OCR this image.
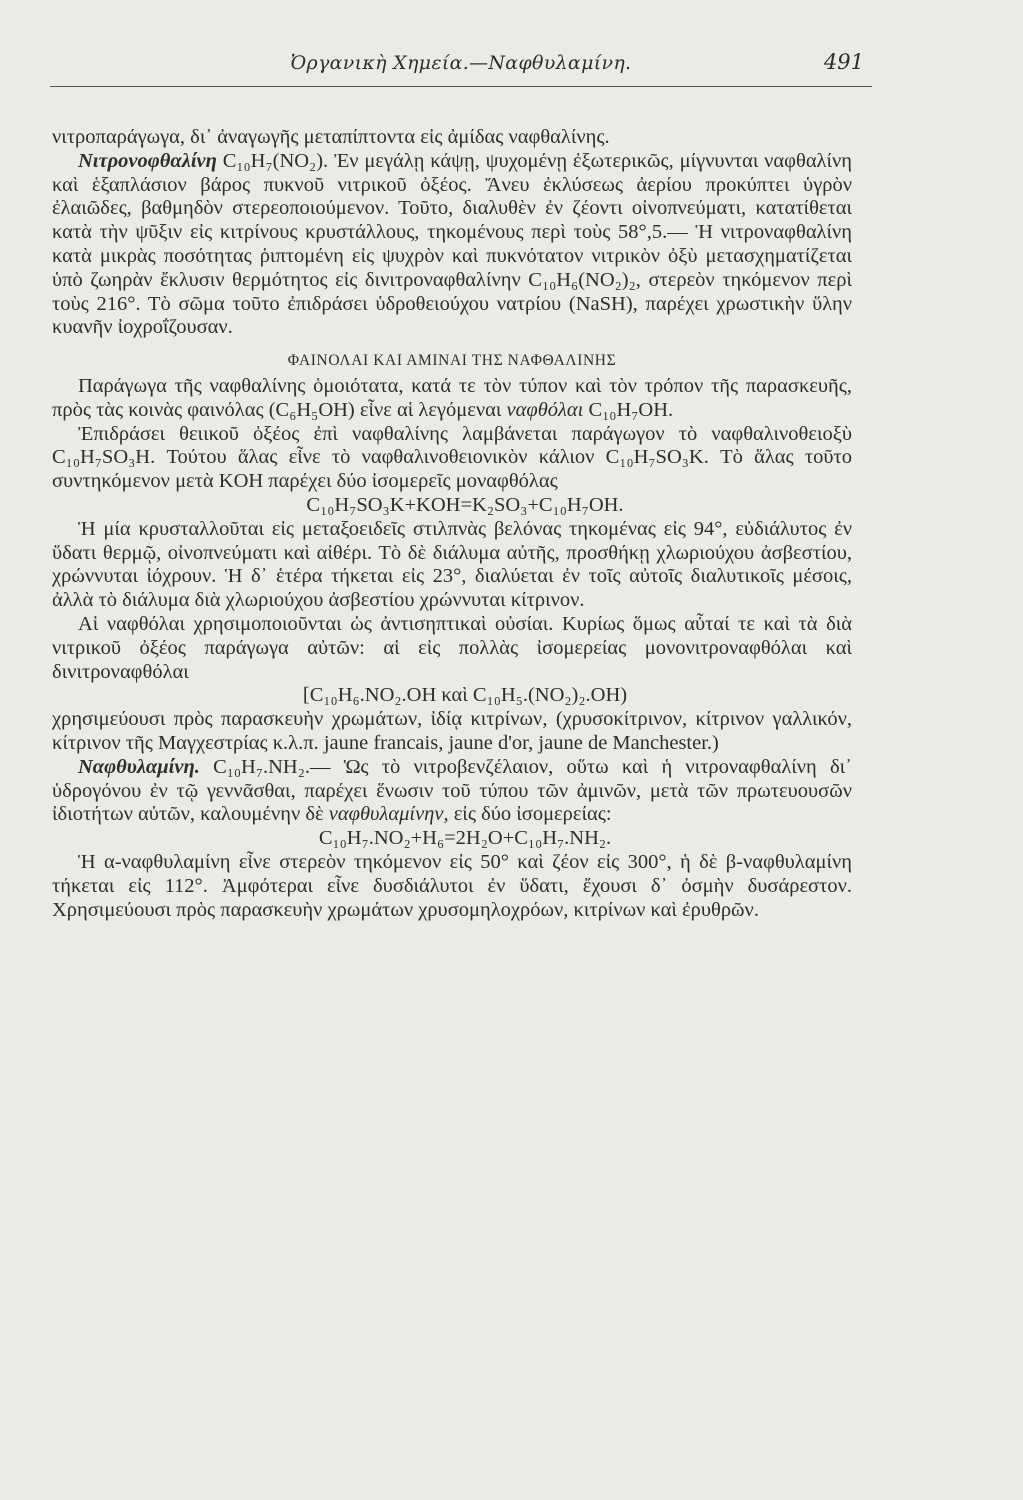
Ὀργανικὴ Χημεία.—Ναφθυλαμίνη.	491

νιτροπαράγωγα, δι᾽ ἀναγωγῆς μεταπίπτοντα εἰς ἀμίδας ναφθαλίνης.

Νιτρονοφθαλίνη C₁₀H₇(NO₂). Ἐν μεγάλῃ κάψῃ, ψυχομένῃ ἐξωτερικῶς, μίγνυνται ναφθαλίνη καὶ ἑξαπλάσιον βάρος πυκνοῦ νιτρικοῦ ὀξέος. Ἄνευ ἐκλύσεως ἀερίου προκύπτει ὑγρὸν ἐλαιῶδες, βαθμηδὸν στερεοποιούμενον. Τοῦτο, διαλυθὲν ἐν ζέοντι οἰνοπνεύματι, κατατίθεται κατὰ τὴν ψῦξιν εἰς κιτρίνους κρυστάλλους, τηκομένους περὶ τοὺς 58°,5.— Ἡ νιτροναφθαλίνη κατὰ μικρὰς ποσότητας ῥιπτομένη εἰς ψυχρὸν καὶ πυκνότατον νιτρικὸν ὀξὺ μετασχηματίζεται ὑπὸ ζωηρὰν ἔκλυσιν θερμότητος εἰς δινιτροναφθαλίνην C₁₀H₆(NO₂)₂, στερεὸν τηκόμενον περὶ τοὺς 216°. Τὸ σῶμα τοῦτο ἐπιδράσει ὑδροθειούχου νατρίου (NaSH), παρέχει χρωστικὴν ὕλην κυανῆν ἰοχροΐζουσαν.

ΦΑΙΝΟΛΑΙ ΚΑΙ ΑΜΙΝΑΙ ΤΗΣ ΝΑΦΘΑΛΙΝΗΣ

Παράγωγα τῆς ναφθαλίνης ὁμοιότατα, κατά τε τὸν τύπον καὶ τὸν τρόπον τῆς παρασκευῆς, πρὸς τὰς κοινὰς φαινόλας (C₆H₅OH) εἶνε αἱ λεγόμεναι ναφθόλαι C₁₀H₇OH.

Ἐπιδράσει θειικοῦ ὀξέος ἐπὶ ναφθαλίνης λαμβάνεται παράγωγον τὸ ναφθαλινοθειοξὺ C₁₀H₇SO₃H. Τούτου ἅλας εἶνε τὸ ναφθαλινοθειονικὸν κάλιον C₁₀H₇SO₃K. Τὸ ἅλας τοῦτο συντηκόμενον μετὰ KOH παρέχει δύο ἰσομερεῖς μοναφθόλας

C₁₀H₇SO₃K+KOH=K₂SO₃+C₁₀H₇OH.

Ἡ μία κρυσταλλοῦται εἰς μεταξοειδεῖς στιλπνὰς βελόνας τηκομένας εἰς 94°, εὐδιάλυτος ἐν ὕδατι θερμῷ, οἰνοπνεύματι καὶ αἰθέρι. Τὸ δὲ διάλυμα αὐτῆς, προσθήκῃ χλωριούχου ἀσβεστίου, χρώννυται ἰόχρουν. Ἡ δ᾽ ἑτέρα τήκεται εἰς 23°, διαλύεται ἐν τοῖς αὐτοῖς διαλυτικοῖς μέσοις, ἀλλὰ τὸ διάλυμα διὰ χλωριούχου ἀσβεστίου χρώννυται κίτρινον.

Αἱ ναφθόλαι χρησιμοποιοῦνται ὡς ἀντισηπτικαὶ οὐσίαι. Κυρίως ὅμως αὗταί τε καὶ τὰ διὰ νιτρικοῦ ὀξέος παράγωγα αὐτῶν: αἱ εἰς πολλὰς ἰσομερείας μονονιτροναφθόλαι καὶ δινιτροναφθόλαι

[C₁₀H₆.NO₂.OH καὶ C₁₀H₅.(NO₂)₂.OH)

χρησιμεύουσι πρὸς παρασκευὴν χρωμάτων, ἰδίᾳ κιτρίνων, (χρυσοκίτρινον, κίτρινον γαλλικόν, κίτρινον τῆς Μαγχεστρίας κ.λ.π. jaune francais, jaune d'or, jaune de Manchester.)

Ναφθυλαμίνη. C₁₀H₇.NH₂.— Ὡς τὸ νιτροβενζέλαιον, οὕτω καὶ ἡ νιτροναφθαλίνη δι᾽ ὑδρογόνου ἐν τῷ γεννᾶσθαι, παρέχει ἕνωσιν τοῦ τύπου τῶν ἀμινῶν, μετὰ τῶν πρωτευουσῶν ἰδιοτήτων αὐτῶν, καλουμένην δὲ ναφθυλαμίνην, εἰς δύο ἰσομερείας:

C₁₀H₇.NO₂+H₆=2H₂O+C₁₀H₇.NH₂.

Ἡ α-ναφθυλαμίνη εἶνε στερεὸν τηκόμενον εἰς 50° καὶ ζέον εἰς 300°, ἡ δὲ β-ναφθυλαμίνη τήκεται εἰς 112°. Ἀμφότεραι εἶνε δυσδιάλυτοι ἐν ὕδατι, ἔχουσι δ᾽ ὀσμὴν δυσάρεστον. Χρησιμεύουσι πρὸς παρασκευὴν χρωμάτων χρυσομηλοχρόων, κιτρίνων καὶ ἐρυθρῶν.
